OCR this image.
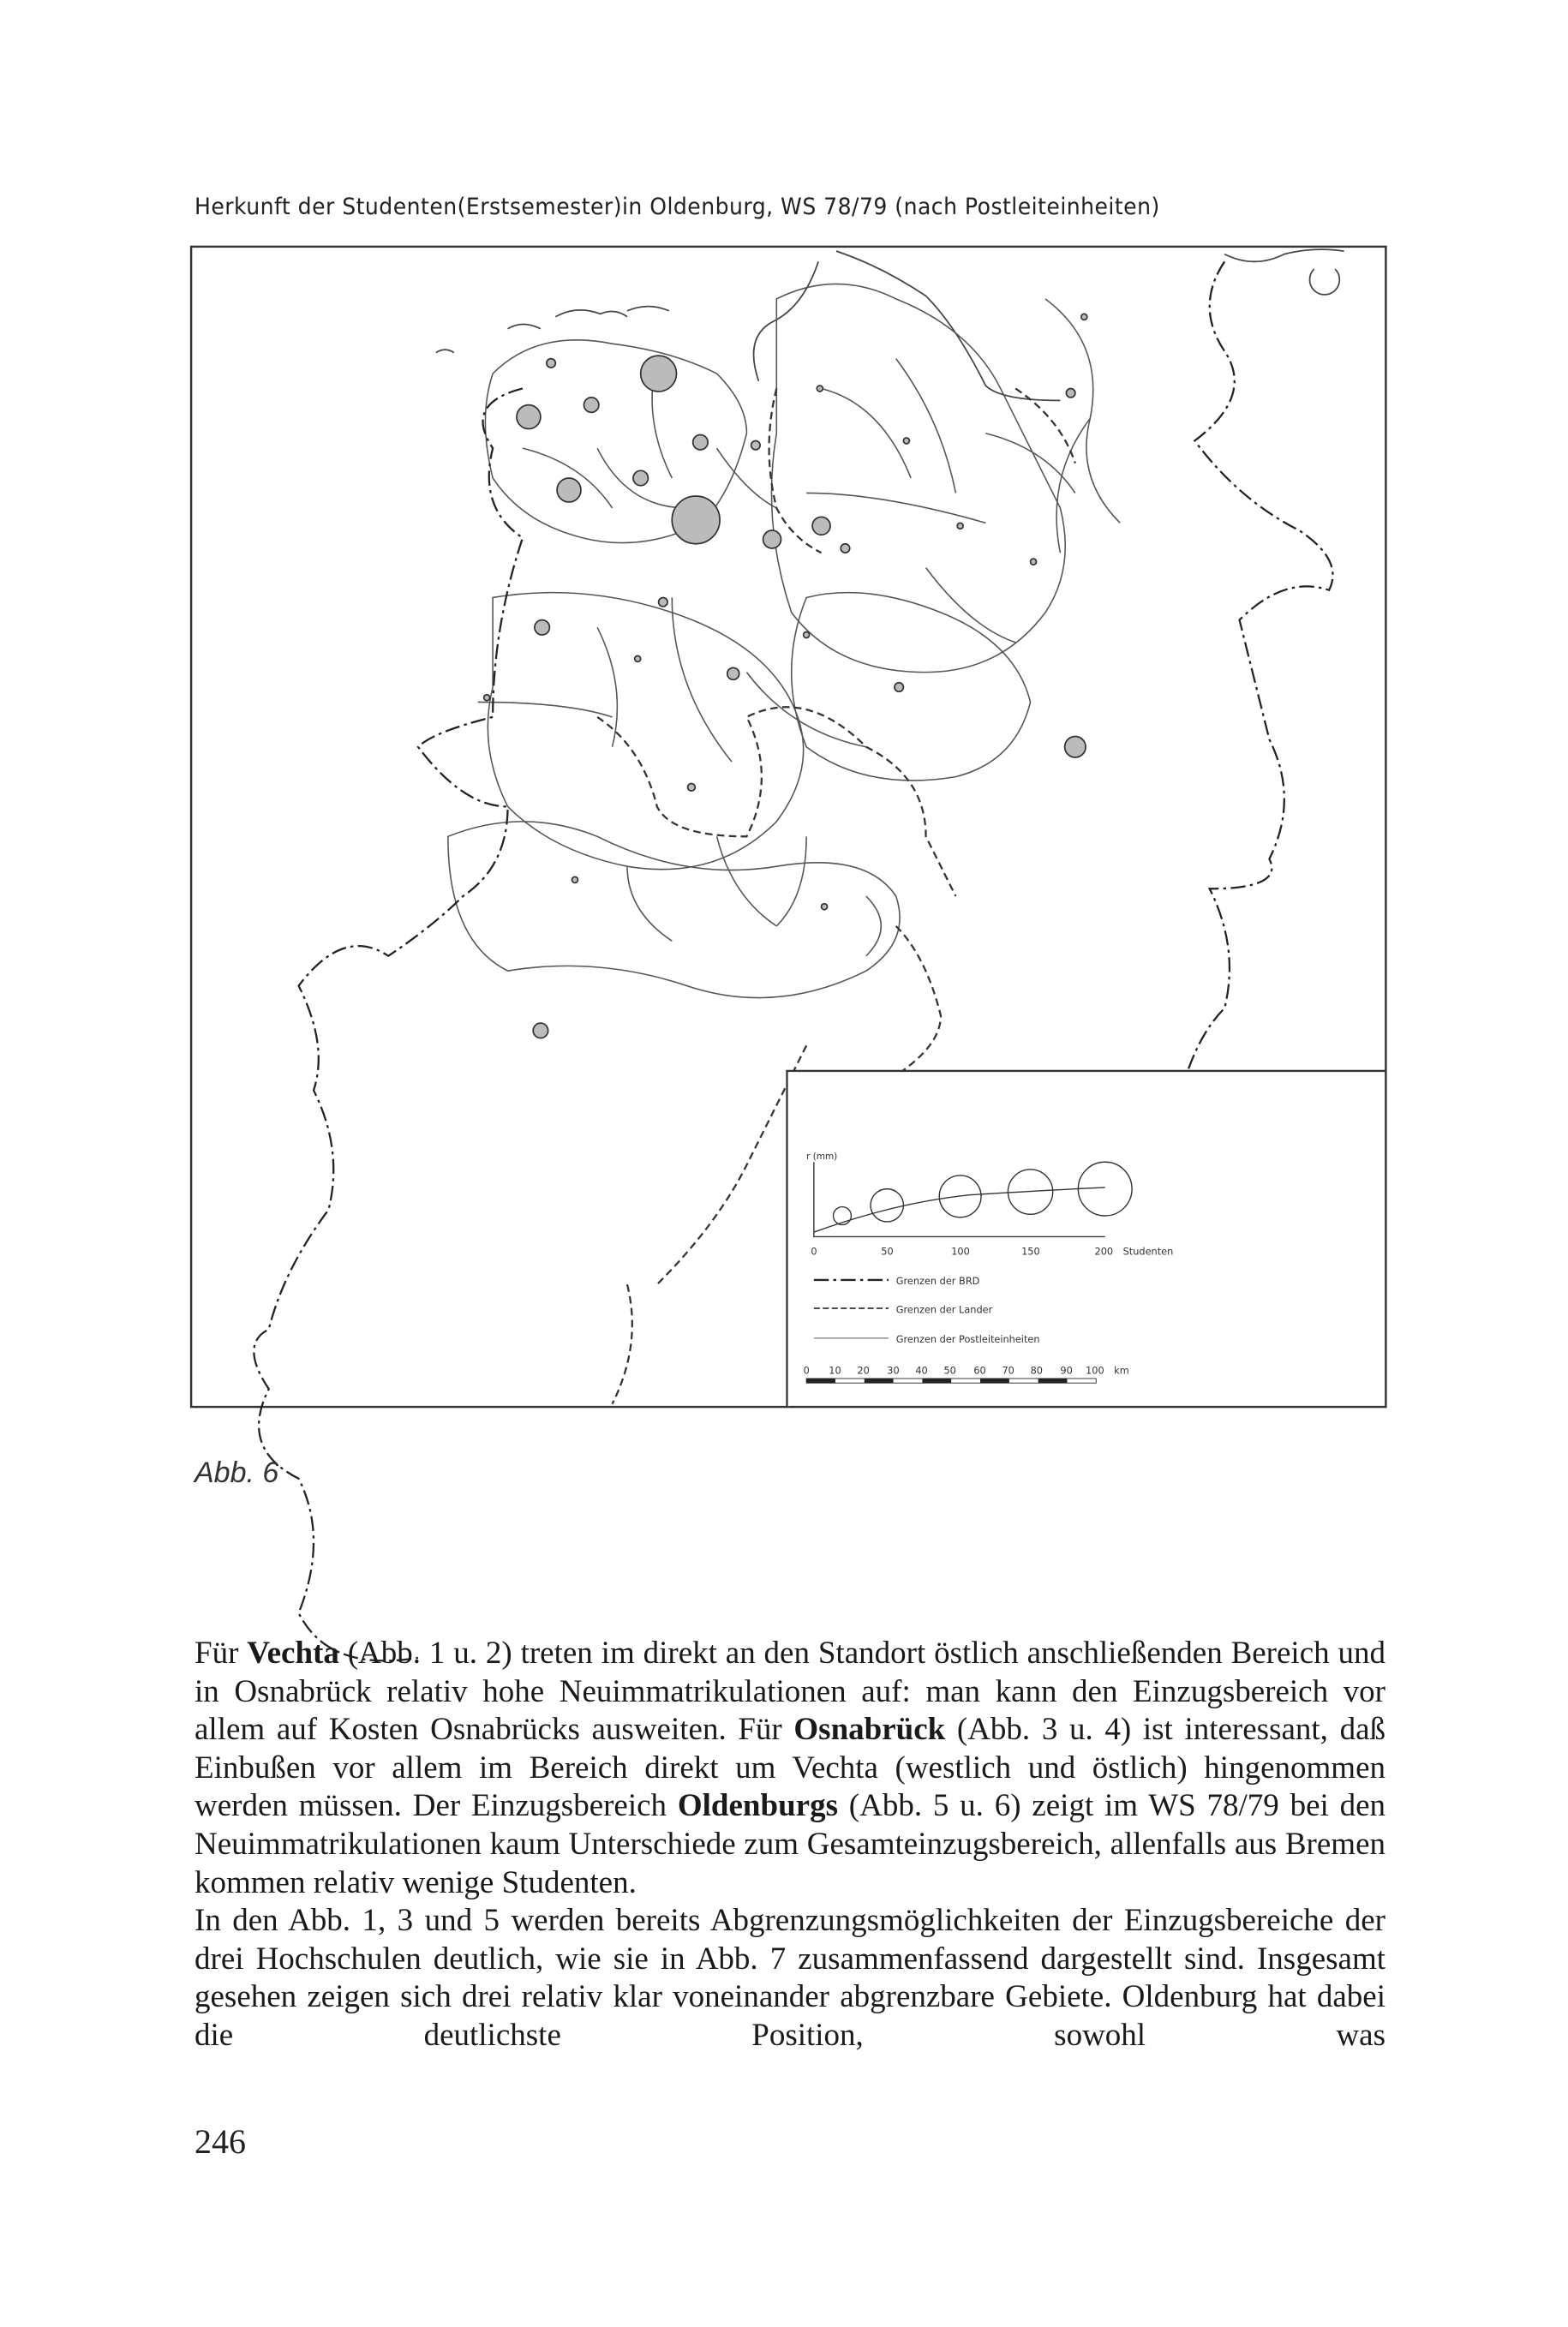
Herkunft der Studenten(Erstsemester)in Oldenburg, WS 78/79 (nach Postleiteinheiten)
r (mm)
0	50	100	150	200 Studenten
Grenzen der BRD
Grenzen der Lander
Grenzen der Postleiteinheiten
0	10	20	30	40	50	60	70	80	90 100 km
Abb. 6

Für Vechta (Abb. 1 u. 2) treten im direkt an den Standort östlich anschließenden Bereich und in Osnabrück relativ hohe Neuimmatrikulationen auf: man kann den Einzugsbereich vor allem auf Kosten Osnabrücks ausweiten. Für Osnabrück (Abb. 3 u. 4) ist interessant, daß Einbußen vor allem im Bereich direkt um Vechta (westlich und östlich) hingenommen werden müssen. Der Einzugsbereich Oldenburgs (Abb. 5 u. 6) zeigt im WS 78/79 bei den Neuimmatrikulationen kaum Unterschiede zum Gesamteinzugsbereich, allenfalls aus Bremen kommen relativ wenige Studenten.

In den Abb. 1, 3 und 5 werden bereits Abgrenzungsmöglichkeiten der Einzugsbereiche der drei Hochschulen deutlich, wie sie in Abb. 7 zusammenfassend dargestellt sind. Insgesamt gesehen zeigen sich drei relativ klar voneinander abgrenzbare Gebiete. Oldenburg hat dabei die deutlichste Position, sowohl was

246
